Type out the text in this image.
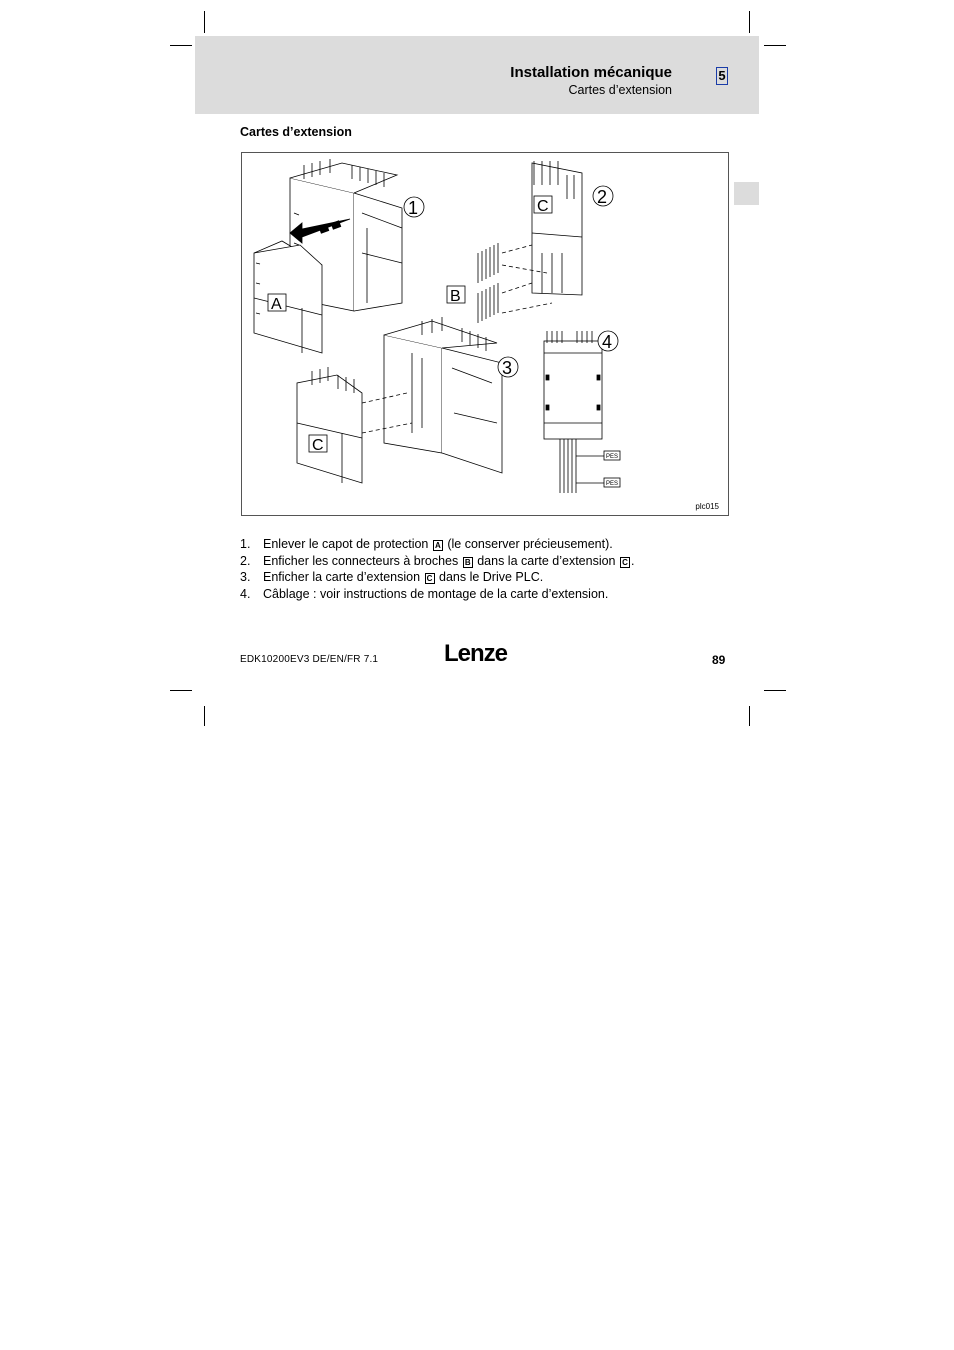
Installation mécanique
Cartes d’extension
5
Cartes d’extension
1
2
3
4
A	B
C
C
PES
PES
plc015
1. Enlever le capot de protection A (le conserver précieusement).
2. Enficher les connecteurs à broches B dans la carte d’extension C .
3. Enficher la carte d’extension C dans le Drive PLC.
4. Câblage : voir instructions de montage de la carte d’extension.
EDK10200EV3 DE/EN/FR 7.1	Lenze	89
